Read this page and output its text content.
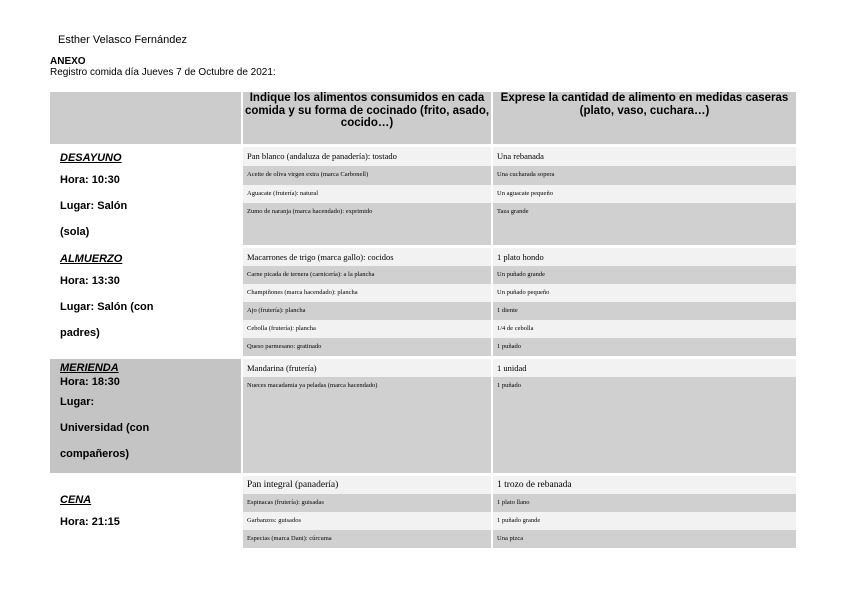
Esther Velasco Fernández
ANEXO
Registro comida día Jueves 7 de Octubre de 2021:
	Indique los alimentos consumidos en cada comida y su forma de cocinado (frito, asado, cocido…)	Exprese la cantidad de alimento en medidas caseras (plato, vaso, cuchara…)

DESAYUNO
Hora: 10:30
Lugar: Salón
(sola)	Pan blanco (andaluza de panadería): tostado	Una rebanada
	Aceite de oliva virgen extra (marca Carbonell)	Una cucharada sopera
	Aguacate (frutería): natural	Un aguacate pequeño
	Zumo de naranja (marca hacendado): exprimido	Taza grande

ALMUERZO
Hora: 13:30
Lugar: Salón (con
padres)	Macarrones de trigo (marca gallo): cocidos	1 plato hondo
	Carne picada de ternera (carnicería): a la plancha	Un puñado grande
	Champiñones (marca hacendado): plancha	Un puñado pequeño
	Ajo (frutería): plancha	1 diente
	Cebolla (frutería): plancha	1/4 de cebolla
	Queso parmesano: gratinado	1 puñado

MERIENDA
Hora: 18:30
Lugar:
Universidad (con
compañeros)	Mandarina (frutería)	1 unidad
	Nueces macadamia ya peladas (marca hacendado)	1 puñado

CENA
Hora: 21:15	Pan integral (panadería)	1 trozo de rebanada
	Espinacas (frutería): guisadas	1 plato llano
	Garbanzos: guisados	1 puñado grande
	Especias (marca Dani): cúrcuma	Una pizca
